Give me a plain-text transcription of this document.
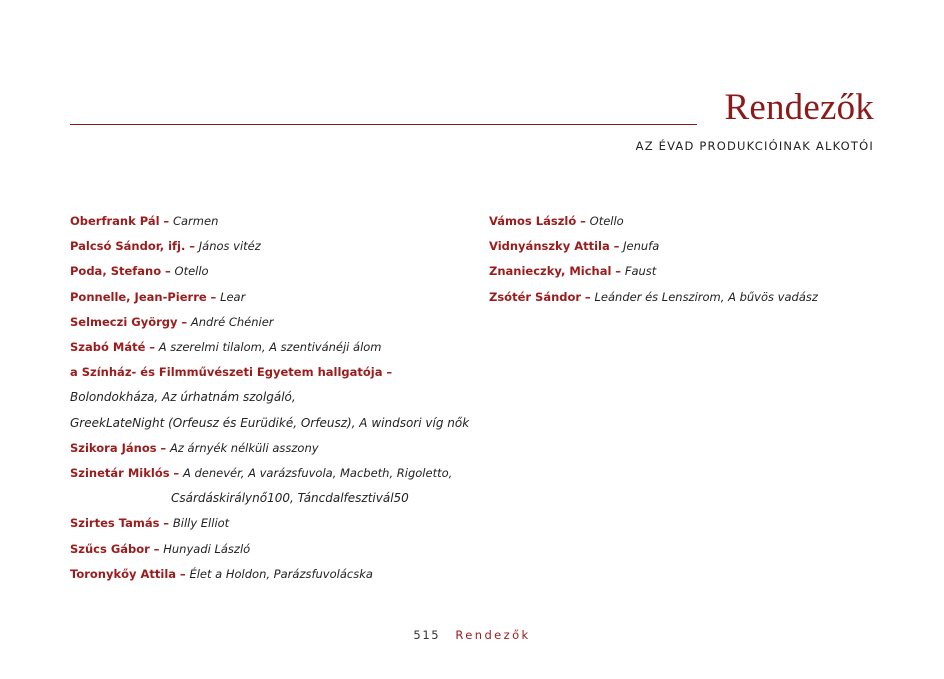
Rendezők
AZ ÉVAD PRODUKCIÓINAK ALKOTÓI
Oberfrank Pál – Carmen
Palcsó Sándor, ifj. – János vitéz
Poda, Stefano – Otello
Ponnelle, Jean-Pierre – Lear
Selmeczi György – André Chénier
Szabó Máté – A szerelmi tilalom, A szentivánéji álom
a Színház- és Filmművészeti Egyetem hallgatója –
Bolondokháza, Az úrhatnám szolgáló,
GreekLateNight (Orfeusz és Eurüdiké, Orfeusz), A windsori víg nők
Szikora János – Az árnyék nélküli asszony
Szinetár Miklós – A denevér, A varázsfuvola, Macbeth, Rigoletto,
Csárdáskirálynő100, Táncdalfesztivál50
Szirtes Tamás – Billy Elliot
Szűcs Gábor – Hunyadi László
Toronykőy Attila – Élet a Holdon, Parázsfuvolácska
Vámos László – Otello
Vidnyánszky Attila – Jenufa
Znanieczky, Michal – Faust
Zsótér Sándor – Leánder és Lenszirom, A bűvös vadász
515 Rendezők
